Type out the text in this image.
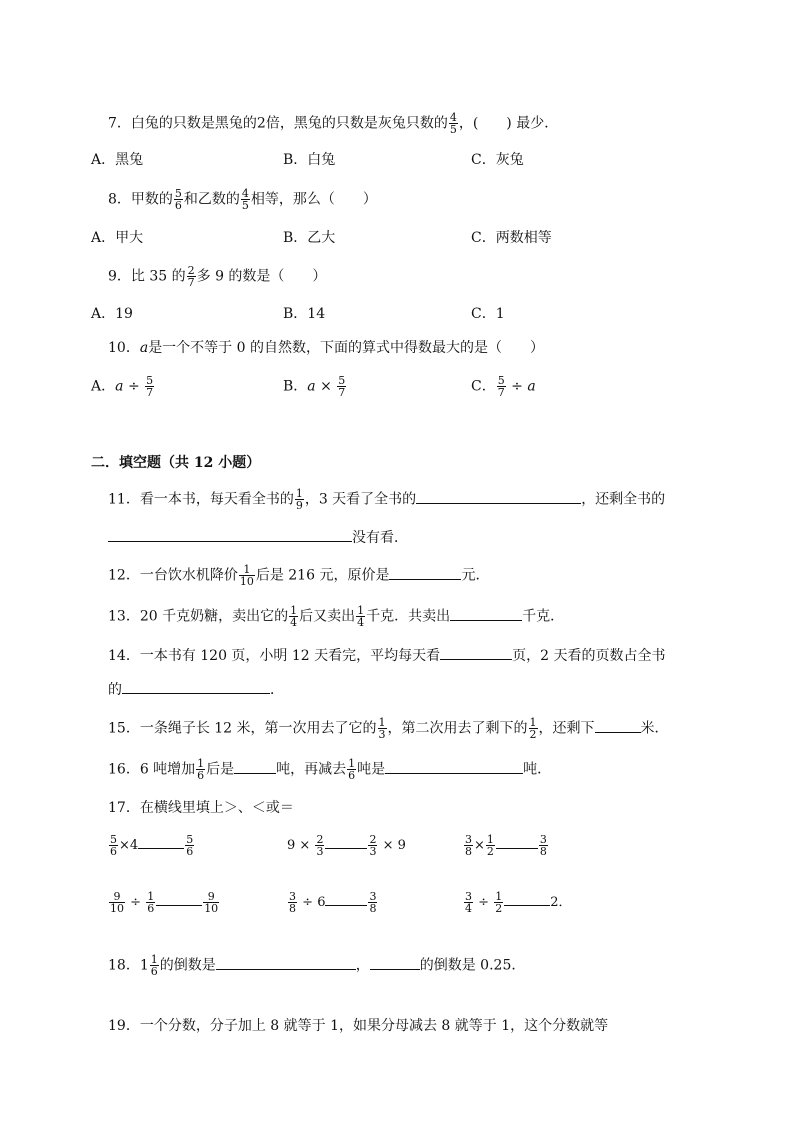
7．白兔的只数是黑兔的2倍，黑兔的只数是灰兔只数的 $\frac{4}{5}$ ，(　　) 最少．
A．黑兔	B．白兔	C．灰兔
8．甲数的 $\frac{5}{6}$ 和乙数的 $\frac{4}{5}$ 相等，那么（　　）
A．甲大	B．乙大	C．两数相等
9．比 35 的 $\frac{2}{7}$ 多 9 的数是（　　）
A．19	B．14	C．1
10．a是一个不等于 0 的自然数，下面的算式中得数最大的是（　　）
A．$a \div \frac{5}{7}$	B．$a \times \frac{5}{7}$	C． $\frac{5}{7} \div a$
二．填空题（共 12 小题）
11．看一本书，每天看全书的 $\frac{1}{9}$ ，3 天看了全书的	，还剩全书的
没有看．
12．一台饮水机降价 $\frac{1}{10}$ 后是 216 元，原价是	元．
13．20 千克奶糖，卖出它的 $\frac{1}{4}$ 后又卖出 $\frac{1}{4}$ 千克．共卖出	千克．
14．一本书有 120 页，小明 12 天看完，平均每天看	页，2 天看的页数占全书
的	．
15．一条绳子长 12 米，第一次用去了它的 $\frac{1}{3}$ ，第二次用去了剩下的 $\frac{1}{2}$ ，还剩下	米．
16．6 吨增加 $\frac{1}{6}$ 后是	吨，再减去 $\frac{1}{6}$ 吨是	吨．
17．在横线里填上＞、＜或＝
$\frac{5}{6} \times 4$	$\frac{5}{6}$	$9 \times \frac{2}{3}$	$\frac{2}{3} \times 9$	$\frac{3}{8} \times \frac{1}{2}$	$\frac{3}{8}$
$\frac{9}{10} \div \frac{1}{6}$	$\frac{9}{10}$	$\frac{3}{8} \div 6$	$\frac{3}{8}$	$\frac{3}{4} \div \frac{1}{2}$	2．
18．$1 \frac{1}{6}$ 的倒数是	，	的倒数是 0.25．
19．一个分数，分子加上 8 就等于 1，如果分母减去 8 就等于 1，这个分数就等
